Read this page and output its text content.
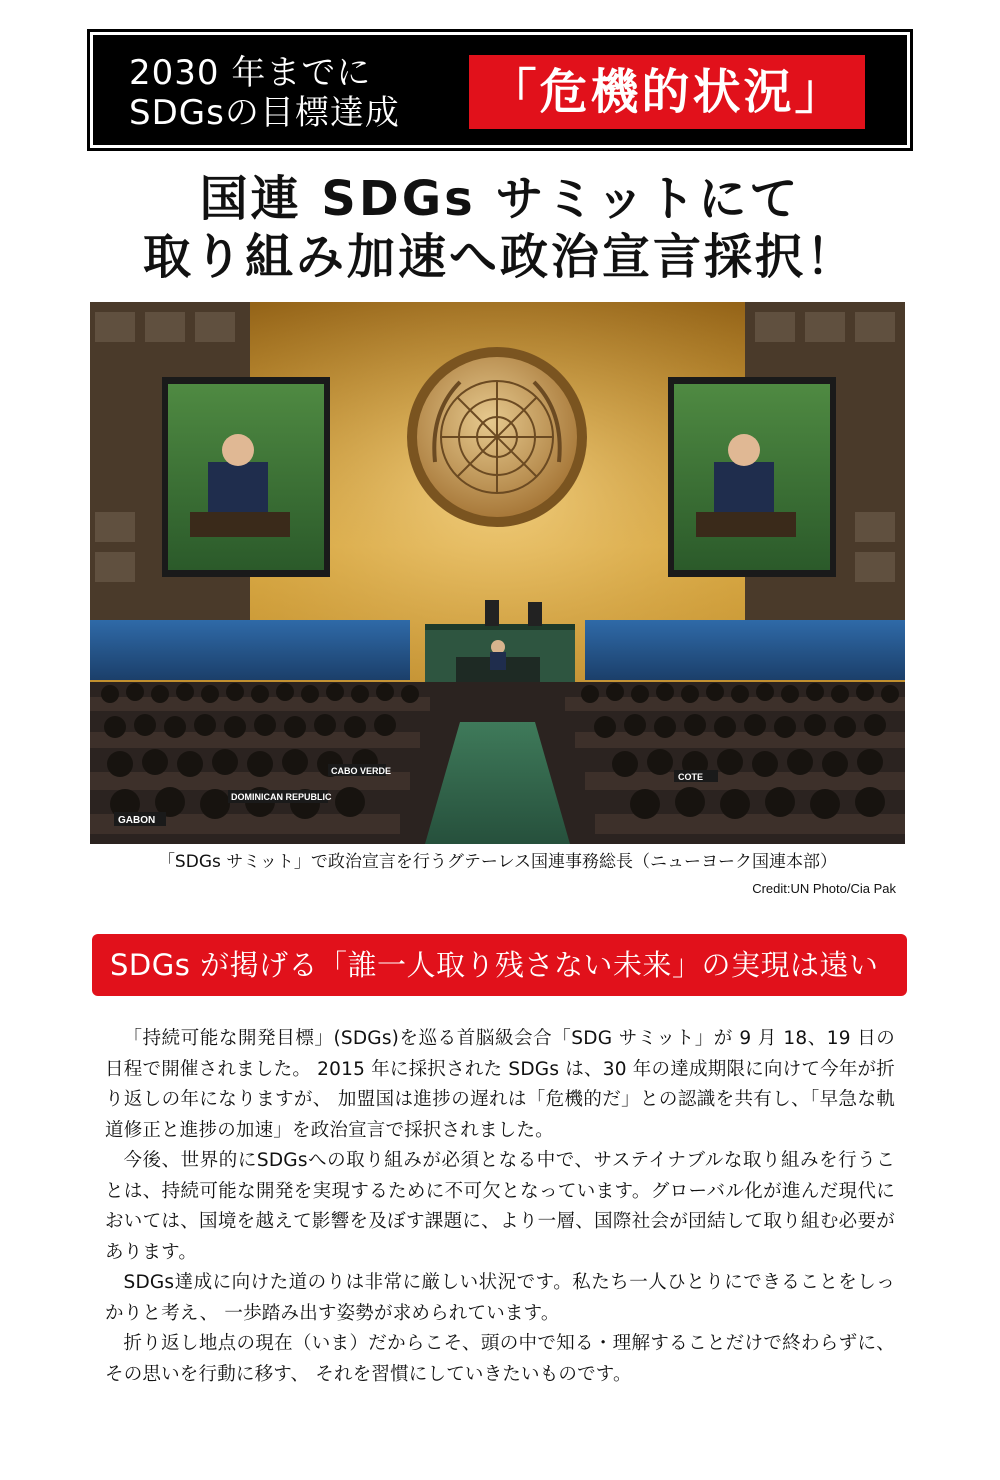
2030 年までに
SDGsの目標達成	「危機的状況」
国連 SDGs サミットにて
取り組み加速へ政治宣言採択！
CABO VERDE
DOMINICAN REPUBLIC
GABON
COTE
「SDGs サミット」で政治宣言を行うグテーレス国連事務総長（ニューヨーク国連本部）
Credit:UN Photo/Cia Pak
SDGs が掲げる「誰一人取り残さない未来」の実現は遠い

「持続可能な開発目標」(SDGs)を巡る首脳級会合「SDG サミット」が 9 月 18、19 日の日程で開催されました。 2015 年に採択された SDGs は、30 年の達成期限に向けて今年が折り返しの年になりますが、 加盟国は進捗の遅れは「危機的だ」との認識を共有し、「早急な軌道修正と進捗の加速」を政治宣言で採択されました。

今後、世界的にSDGsへの取り組みが必須となる中で、サステイナブルな取り組みを行うことは、持続可能な開発を実現するために不可欠となっています。グローバル化が進んだ現代においては、国境を越えて影響を及ぼす課題に、より一層、国際社会が団結して取り組む必要があります。

SDGs達成に向けた道のりは非常に厳しい状況です。私たち一人ひとりにできることをしっかりと考え、 一歩踏み出す姿勢が求められています。

折り返し地点の現在（いま）だからこそ、頭の中で知る・理解することだけで終わらずに、 その思いを行動に移す、 それを習慣にしていきたいものです。
